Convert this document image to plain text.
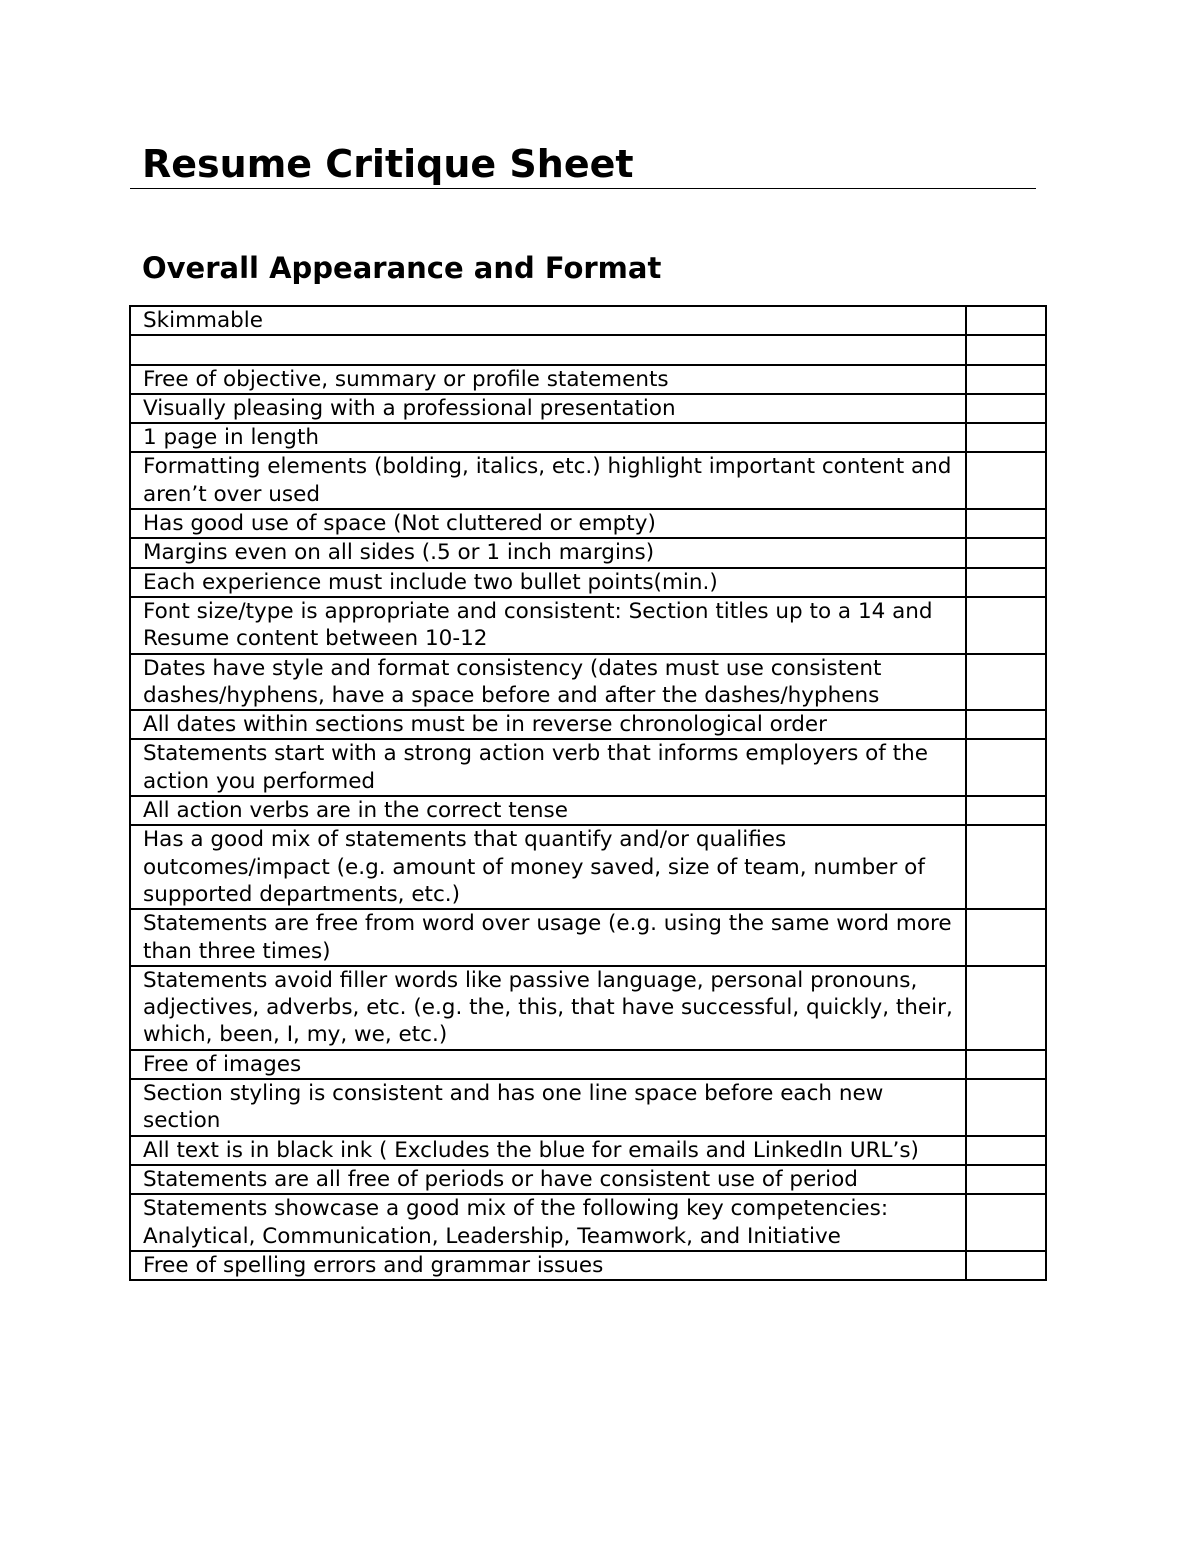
Resume Critique Sheet
Overall Appearance and Format
Skimmable	

Free of objective, summary or profile statements	
Visually pleasing with a professional presentation	
1 page in length	
Formatting elements (bolding, italics, etc.) highlight important content and aren’t over used	
Has good use of space (Not cluttered or empty)	
Margins even on all sides (.5 or 1 inch margins)	
Each experience must include two bullet points(min.)	
Font size/type is appropriate and consistent: Section titles up to a 14 and Resume content between 10-12	
Dates have style and format consistency (dates must use consistent dashes/hyphens, have a space before and after the dashes/hyphens	
All dates within sections must be in reverse chronological order	
Statements start with a strong action verb that informs employers of the action you performed	
All action verbs are in the correct tense	
Has a good mix of statements that quantify and/or qualifies outcomes/impact (e.g. amount of money saved, size of team, number of supported departments, etc.)	
Statements are free from word over usage (e.g. using the same word more than three times)	
Statements avoid filler words like passive language, personal pronouns, adjectives, adverbs, etc. (e.g. the, this, that have successful, quickly, their, which, been, I, my, we, etc.)	
Free of images	
Section styling is consistent and has one line space before each new section	
All text is in black ink ( Excludes the blue for emails and LinkedIn URL’s)	
Statements are all free of periods or have consistent use of period	
Statements showcase a good mix of the following key competencies: Analytical, Communication, Leadership, Teamwork, and Initiative	
Free of spelling errors and grammar issues	
